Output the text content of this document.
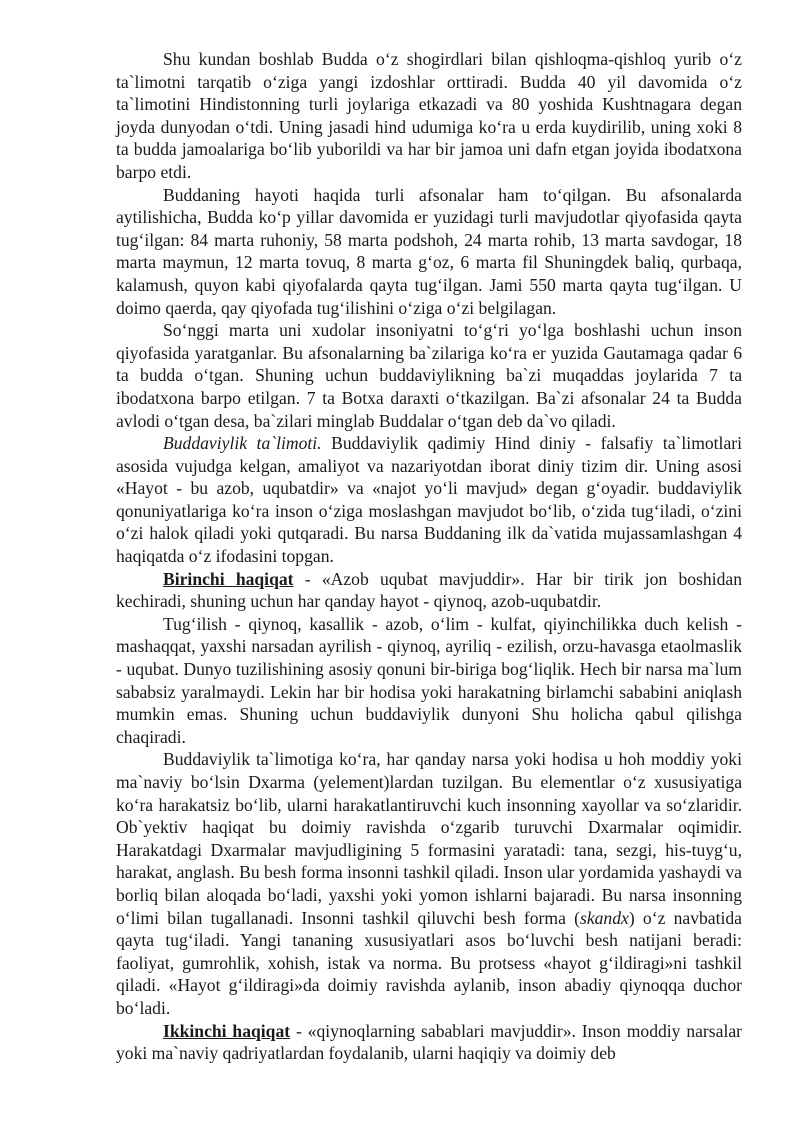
Shu kundan boshlab Budda o‘z shogirdlari bilan qishloqma-qishloq yurib o‘z ta`limotni tarqatib o‘ziga yangi izdoshlar orttiradi. Budda 40 yil davomida o‘z ta`limotini Hindistonning turli joylariga etkazadi va 80 yoshida Kushtnagara degan joyda dunyodan o‘tdi. Uning jasadi hind udumiga ko‘ra u erda kuydirilib, uning xoki 8 ta budda jamoalariga bo‘lib yuborildi va har bir jamoa uni dafn etgan joyida ibodatxona barpo etdi.

Buddaning hayoti haqida turli afsonalar ham to‘qilgan. Bu afsonalarda aytilishicha, Budda ko‘p yillar davomida er yuzidagi turli mavjudotlar qiyofasida qayta tug‘ilgan: 84 marta ruhoniy, 58 marta podshoh, 24 marta rohib, 13 marta savdogar, 18 marta maymun, 12 marta tovuq, 8 marta g‘oz, 6 marta fil Shuningdek baliq, qurbaqa, kalamush, quyon kabi qiyofalarda qayta tug‘ilgan. Jami 550 marta qayta tug‘ilgan. U doimo qaerda, qay qiyofada tug‘ilishini o‘ziga o‘zi belgilagan.

So‘nggi marta uni xudolar insoniyatni to‘g‘ri yo‘lga boshlashi uchun inson qiyofasida yaratganlar. Bu afsonalarning ba`zilariga ko‘ra er yuzida Gautamaga qadar 6 ta budda o‘tgan. Shuning uchun buddaviylikning ba`zi muqaddas joylarida 7 ta ibodatxona barpo etilgan. 7 ta Botxa daraxti o‘tkazilgan. Ba`zi afsonalar 24 ta Budda avlodi o‘tgan desa, ba`zilari minglab Buddalar o‘tgan deb da`vo qiladi.

Buddaviylik ta`limoti. Buddaviylik qadimiy Hind diniy - falsafiy ta`limotlari asosida vujudga kelgan, amaliyot va nazariyotdan iborat diniy tizim dir. Uning asosi «Hayot - bu azob, uqubatdir» va «najot yo‘li mavjud» degan g‘oyadir. buddaviylik qonuniyatlariga ko‘ra inson o‘ziga moslashgan mavjudot bo‘lib, o‘zida tug‘iladi, o‘zini o‘zi halok qiladi yoki qutqaradi. Bu narsa Buddaning ilk da`vatida mujassamlashgan 4 haqiqatda o‘z ifodasini topgan.

Birinchi haqiqat - «Azob uqubat mavjuddir». Har bir tirik jon boshidan kechiradi, shuning uchun har qanday hayot - qiynoq, azob-uqubatdir.

Tug‘ilish - qiynoq, kasallik - azob, o‘lim - kulfat, qiyinchilikka duch kelish - mashaqqat, yaxshi narsadan ayrilish - qiynoq, ayriliq - ezilish, orzu-havasga etaolmaslik - uqubat. Dunyo tuzilishining asosiy qonuni bir-biriga bog‘liqlik. Hech bir narsa ma`lum sababsiz yaralmaydi. Lekin har bir hodisa yoki harakatning birlamchi sababini aniqlash mumkin emas. Shuning uchun buddaviylik dunyoni Shu holicha qabul qilishga chaqiradi.

Buddaviylik ta`limotiga ko‘ra, har qanday narsa yoki hodisa u hoh moddiy yoki ma`naviy bo‘lsin Dxarma (yelement)lardan tuzilgan. Bu elementlar o‘z xususiyatiga ko‘ra harakatsiz bo‘lib, ularni harakatlantiruvchi kuch insonning xayollar va so‘zlaridir. Ob`yektiv haqiqat bu doimiy ravishda o‘zgarib turuvchi Dxarmalar oqimidir. Harakatdagi Dxarmalar mavjudligining 5 formasini yaratadi: tana, sezgi, his-tuyg‘u, harakat, anglash. Bu besh forma insonni tashkil qiladi. Inson ular yordamida yashaydi va borliq bilan aloqada bo‘ladi, yaxshi yoki yomon ishlarni bajaradi. Bu narsa insonning o‘limi bilan tugallanadi. Insonni tashkil qiluvchi besh forma (skandx) o‘z navbatida qayta tug‘iladi. Yangi tananing xususiyatlari asos bo‘luvchi besh natijani beradi: faoliyat, gumrohlik, xohish, istak va norma. Bu protsess «hayot g‘ildiragi»ni tashkil qiladi. «Hayot g‘ildiragi»da doimiy ravishda aylanib, inson abadiy qiynoqqa duchor bo‘ladi.

Ikkinchi haqiqat - «qiynoqlarning sabablari mavjuddir». Inson moddiy narsalar yoki ma`naviy qadriyatlardan foydalanib, ularni haqiqiy va doimiy deb
